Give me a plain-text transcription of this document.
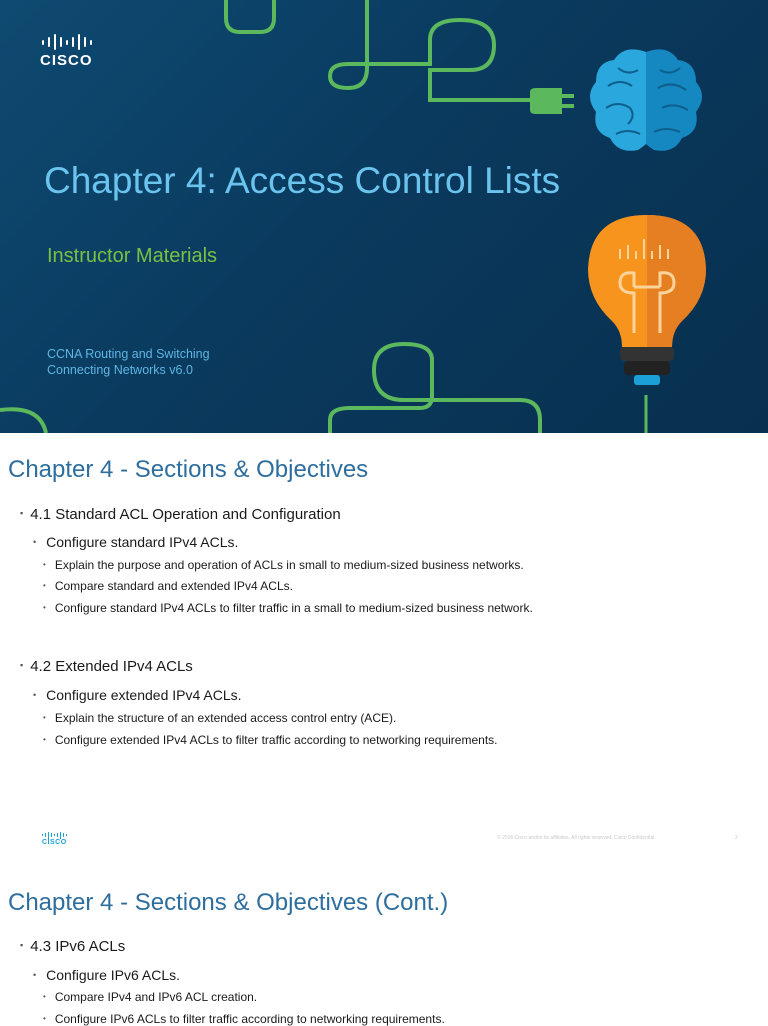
CISCO
Chapter 4: Access Control Lists

Instructor Materials

CCNA Routing and Switching
Connecting Networks v6.0
Chapter 4 - Sections & Objectives
▪ 4.1 Standard ACL Operation and Configuration
• Configure standard IPv4 ACLs.
• Explain the purpose and operation of ACLs in small to medium-sized business networks.
• Compare standard and extended IPv4 ACLs.
• Configure standard IPv4 ACLs to filter traffic in a small to medium-sized business network.
▪ 4.2 Extended IPv4 ACLs
• Configure extended IPv4 ACLs.
• Explain the structure of an extended access control entry (ACE).
• Configure extended IPv4 ACLs to filter traffic according to networking requirements.
CISCO
© 2016 Cisco and/or its affiliates. All rights reserved. Cisco Confidential	2
Chapter 4 - Sections & Objectives (Cont.)
▪ 4.3 IPv6 ACLs
• Configure IPv6 ACLs.
• Compare IPv4 and IPv6 ACL creation.
• Configure IPv6 ACLs to filter traffic according to networking requirements.
